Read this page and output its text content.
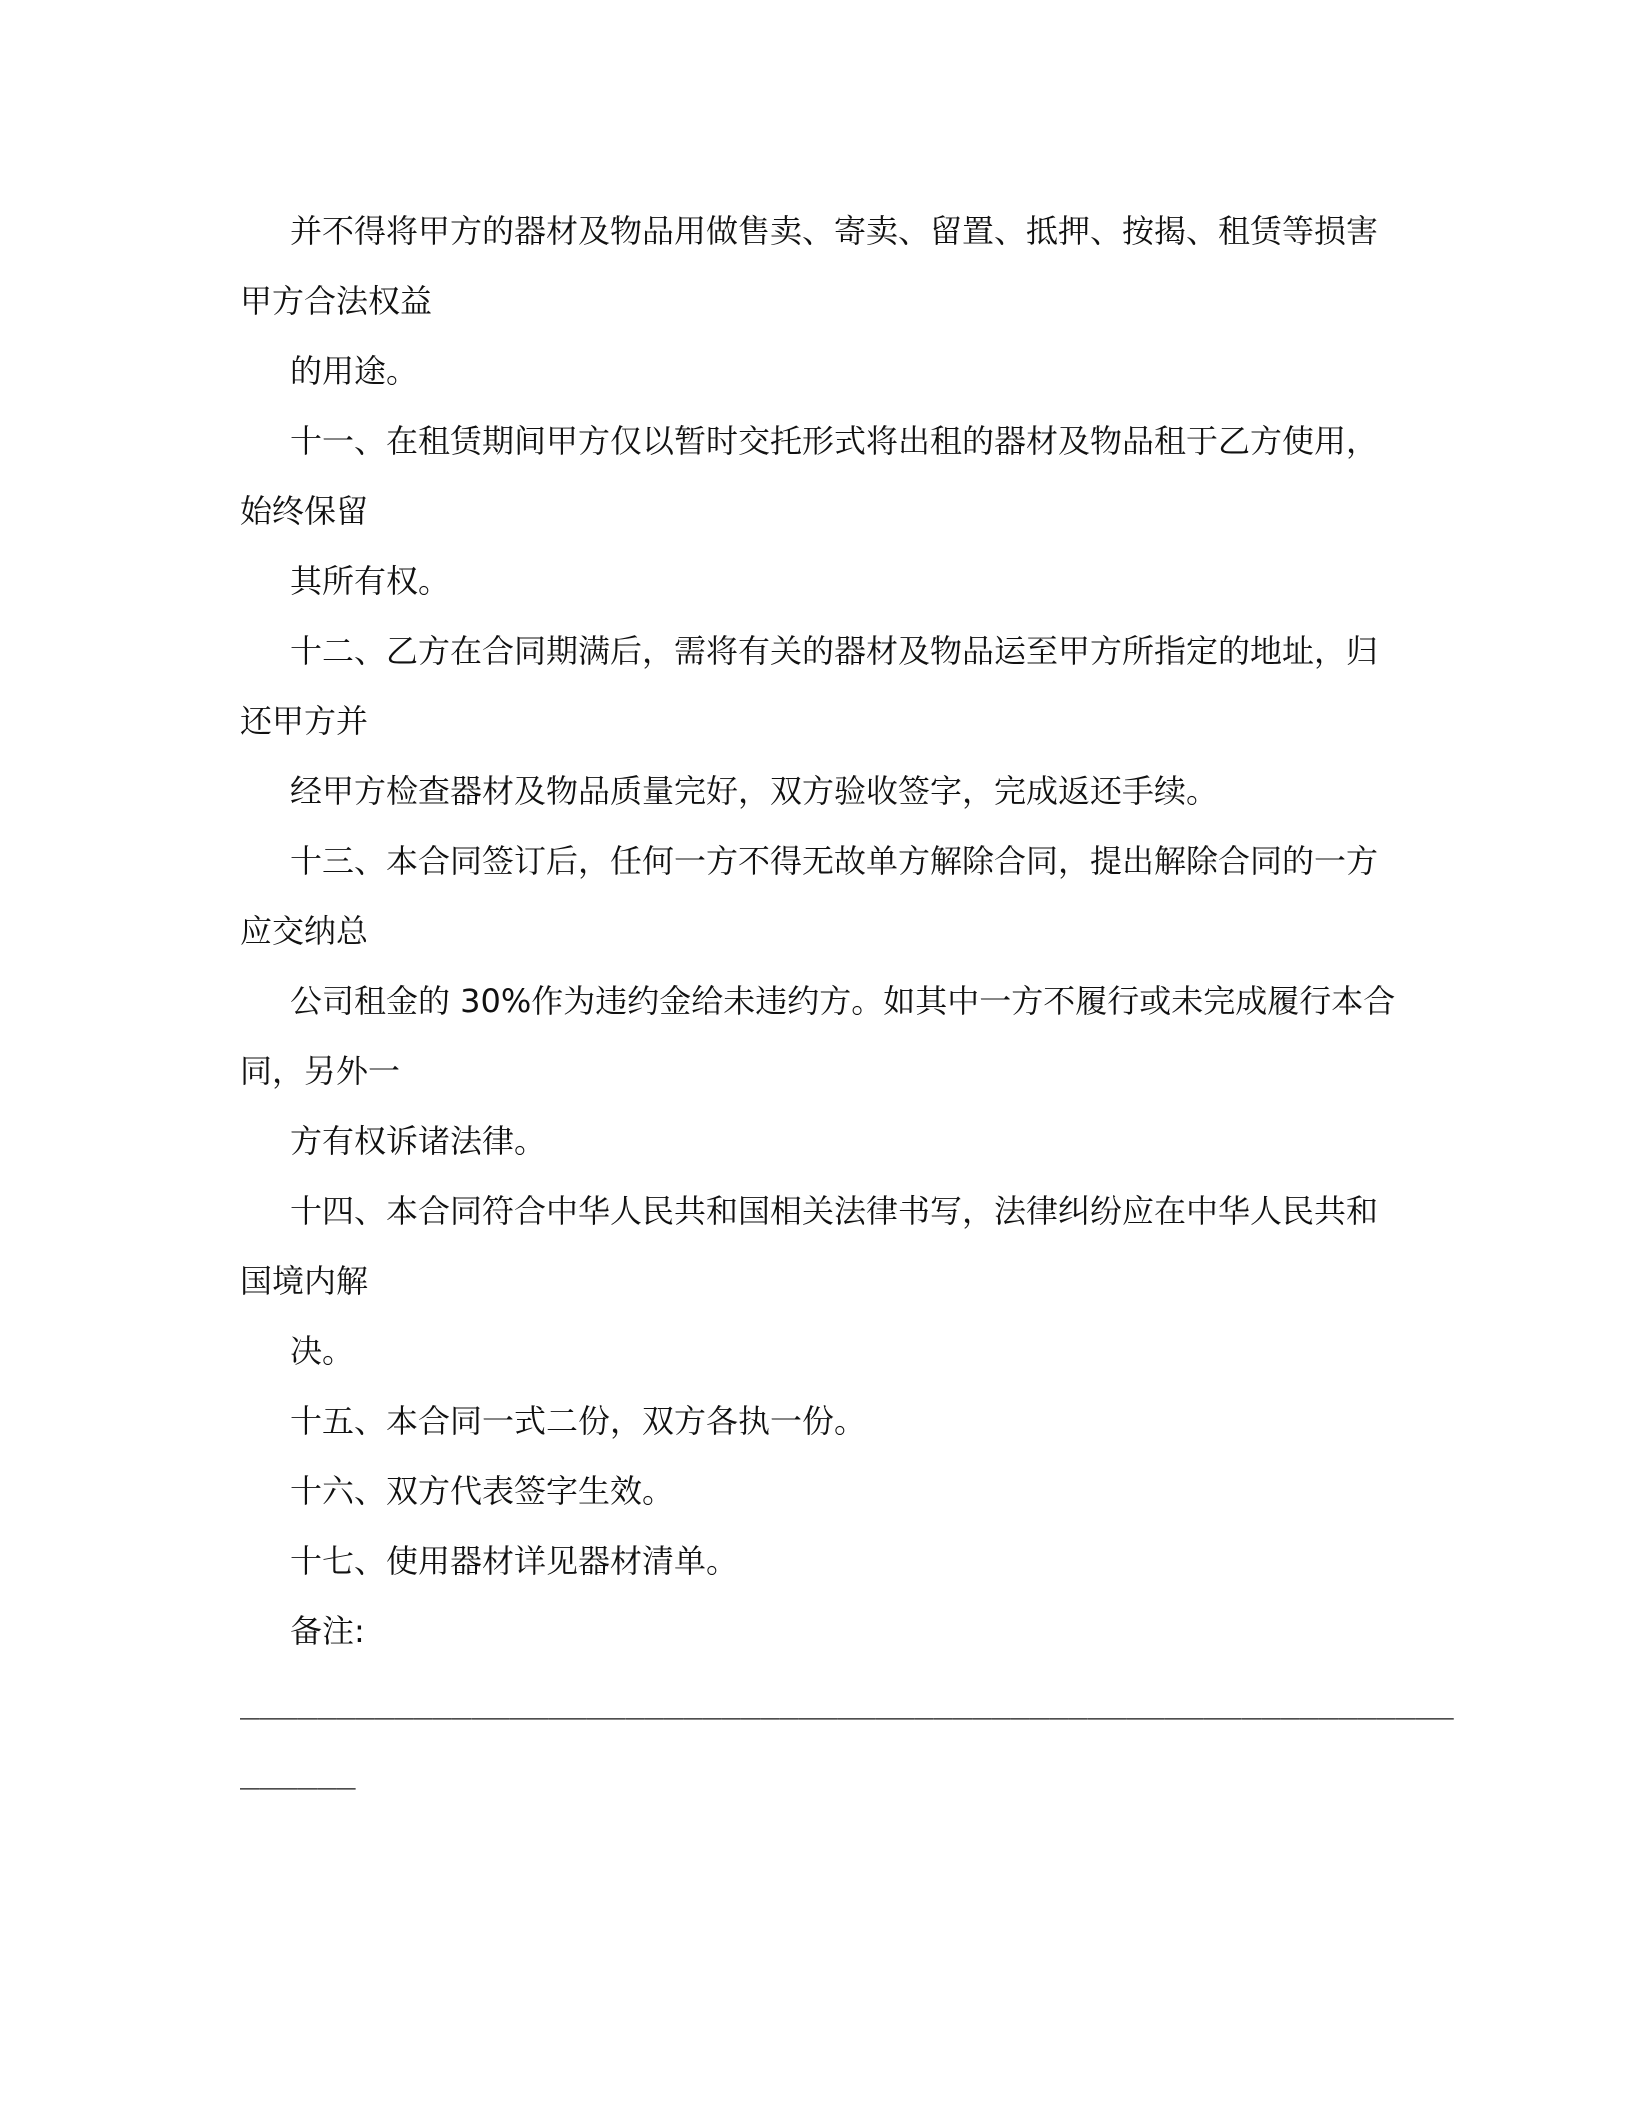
并不得将甲方的器材及物品用做售卖、寄卖、留置、抵押、按揭、租赁等损害
甲方合法权益
的用途。
十一、在租赁期间甲方仅以暂时交托形式将出租的器材及物品租于乙方使用，
始终保留
其所有权。
十二、乙方在合同期满后，需将有关的器材及物品运至甲方所指定的地址，归
还甲方并
经甲方检查器材及物品质量完好，双方验收签字，完成返还手续。
十三、本合同签订后，任何一方不得无故单方解除合同，提出解除合同的一方
应交纳总
公司租金的 30%作为违约金给未违约方。如其中一方不履行或未完成履行本合
同，另外一
方有权诉诸法律。
十四、本合同符合中华人民共和国相关法律书写，法律纠纷应在中华人民共和
国境内解
决。
十五、本合同一式二份，双方各执一份。
十六、双方代表签字生效。
十七、使用器材详见器材清单。
备注:
_______________________________________________________________
______
